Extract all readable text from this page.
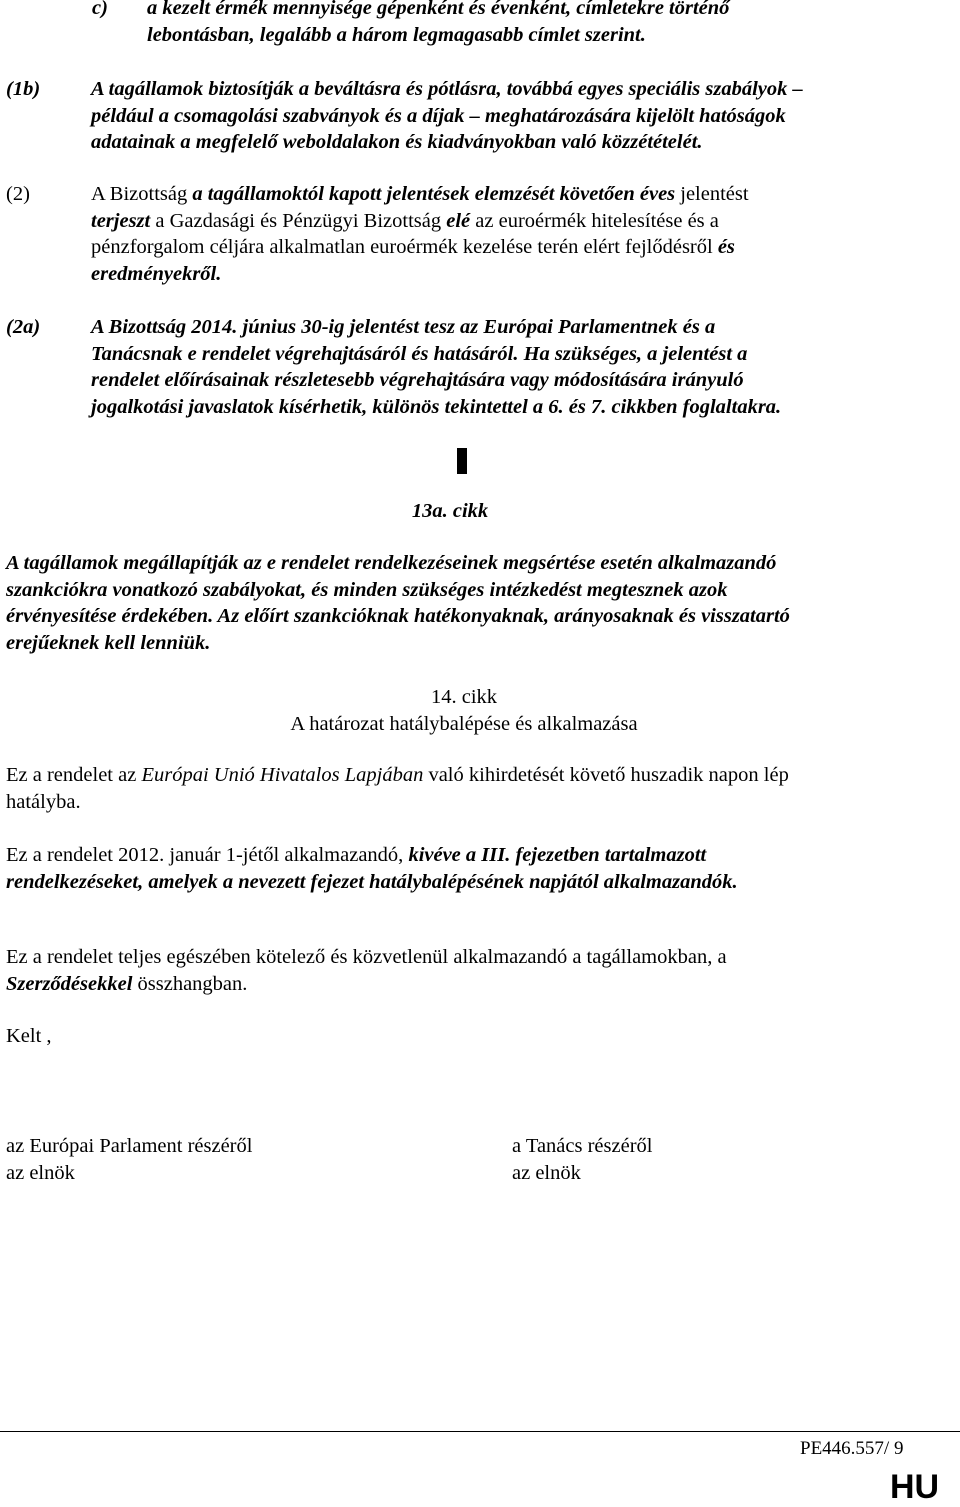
c) a kezelt érmék mennyisége gépenként és évenként, címletekre történő
lebontásban, legalább a három legmagasabb címlet szerint.
(1b) A tagállamok biztosítják a beváltásra és pótlásra, továbbá egyes speciális szabályok –
például a csomagolási szabványok és a díjak – meghatározására kijelölt hatóságok
adatainak a megfelelő weboldalakon és kiadványokban való közzétételét.
(2)	A Bizottság a tagállamoktól kapott jelentések elemzését követően éves jelentést
terjeszt a Gazdasági és Pénzügyi Bizottság elé az euroérmék hitelesítése és a
pénzforgalom céljára alkalmatlan euroérmék kezelése terén elért fejlődésről és
eredményekről.
(2a) A Bizottság 2014. június 30-ig jelentést tesz az Európai Parlamentnek és a
Tanácsnak e rendelet végrehajtásáról és hatásáról. Ha szükséges, a jelentést a
rendelet előírásainak részletesebb végrehajtására vagy módosítására irányuló
jogalkotási javaslatok kísérhetik, különös tekintettel a 6. és 7. cikkben foglaltakra.
13a. cikk
A tagállamok megállapítják az e rendelet rendelkezéseinek megsértése esetén alkalmazandó
szankciókra vonatkozó szabályokat, és minden szükséges intézkedést megtesznek azok
érvényesítése érdekében. Az előírt szankcióknak hatékonyaknak, arányosaknak és visszatartó
erejűeknek kell lenniük.
14. cikk
A határozat hatálybalépése és alkalmazása
Ez a rendelet az Európai Unió Hivatalos Lapjában való kihirdetését követő huszadik napon lép
hatályba.
Ez a rendelet 2012. január 1-jétől alkalmazandó, kivéve a III. fejezetben tartalmazott
rendelkezéseket, amelyek a nevezett fejezet hatálybalépésének napjától alkalmazandók.
Ez a rendelet teljes egészében kötelező és közvetlenül alkalmazandó a tagállamokban, a
Szerződésekkel összhangban.
Kelt ,
az Európai Parlament részéről
az elnök
a Tanács részéről
az elnök
PE446.557/ 9
HU
